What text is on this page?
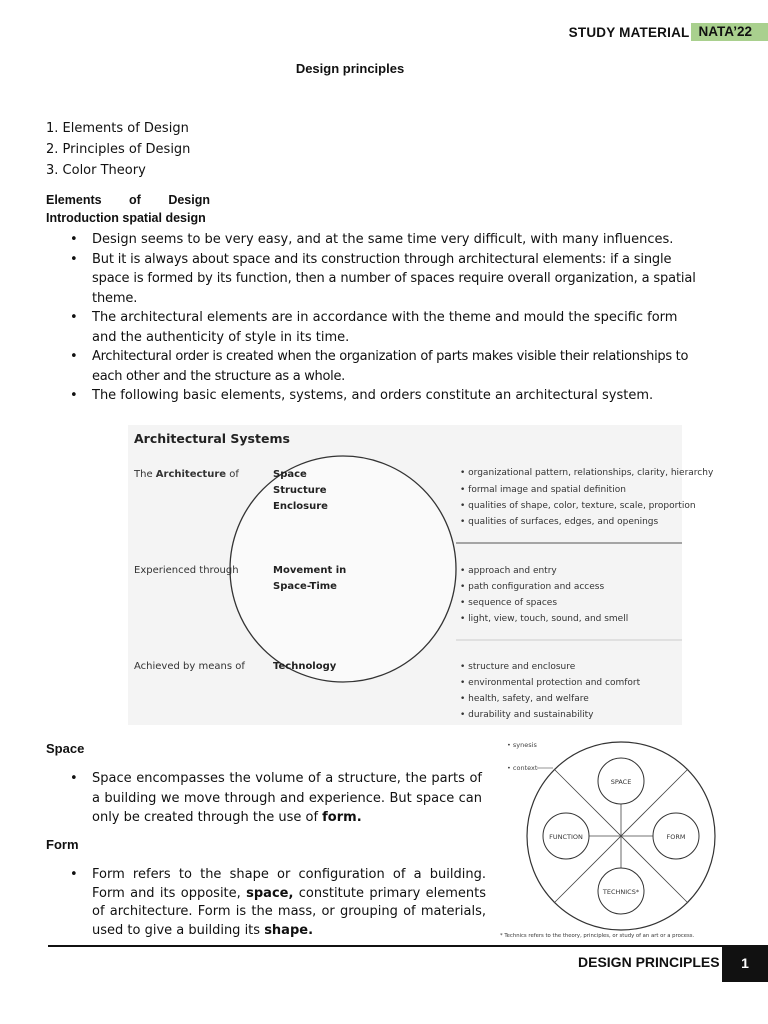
STUDY MATERIAL NATA’22
Design principles
1. Elements of Design
2. Principles of Design
3. Color Theory
Elements of Design
Introduction spatial design
• Design seems to be very easy, and at the same time very difficult, with many influences.
• But it is always about space and its construction through architectural elements: if a single space is formed by its function, then a number of spaces require overall organization, a spatial theme.
• The architectural elements are in accordance with the theme and mould the specific form and the authenticity of style in its time.
• Architectural order is created when the organization of parts makes visible their relationships to each other and the structure as a whole.
• The following basic elements, systems, and orders constitute an architectural system.
Architectural Systems
The Architecture of	Space
Structure
Enclosure
• organizational pattern, relationships, clarity, hierarchy
• formal image and spatial definition
• qualities of shape, color, texture, scale, proportion
• qualities of surfaces, edges, and openings
Experienced through	Movement in
Space-Time
• approach and entry
• path configuration and access
• sequence of spaces
• light, view, touch, sound, and smell
Achieved by means of	Technology	• structure and enclosure
• environmental protection and comfort
• health, safety, and welfare
• durability and sustainability
Space
• Space encompasses the volume of a structure, the parts of a building we move through and experience. But space can only be created through the use of form.
Form
• Form refers to the shape or configuration of a building. Form and its opposite, space, constitute primary elements of architecture. Form is the mass, or grouping of materials, used to give a building its shape.
• synesis
• context
SPACE
TECHNICS*
FUNCTION	FORM
* Technics refers to the theory, principles, or study of an art or a process.
DESIGN PRINCIPLES	1
